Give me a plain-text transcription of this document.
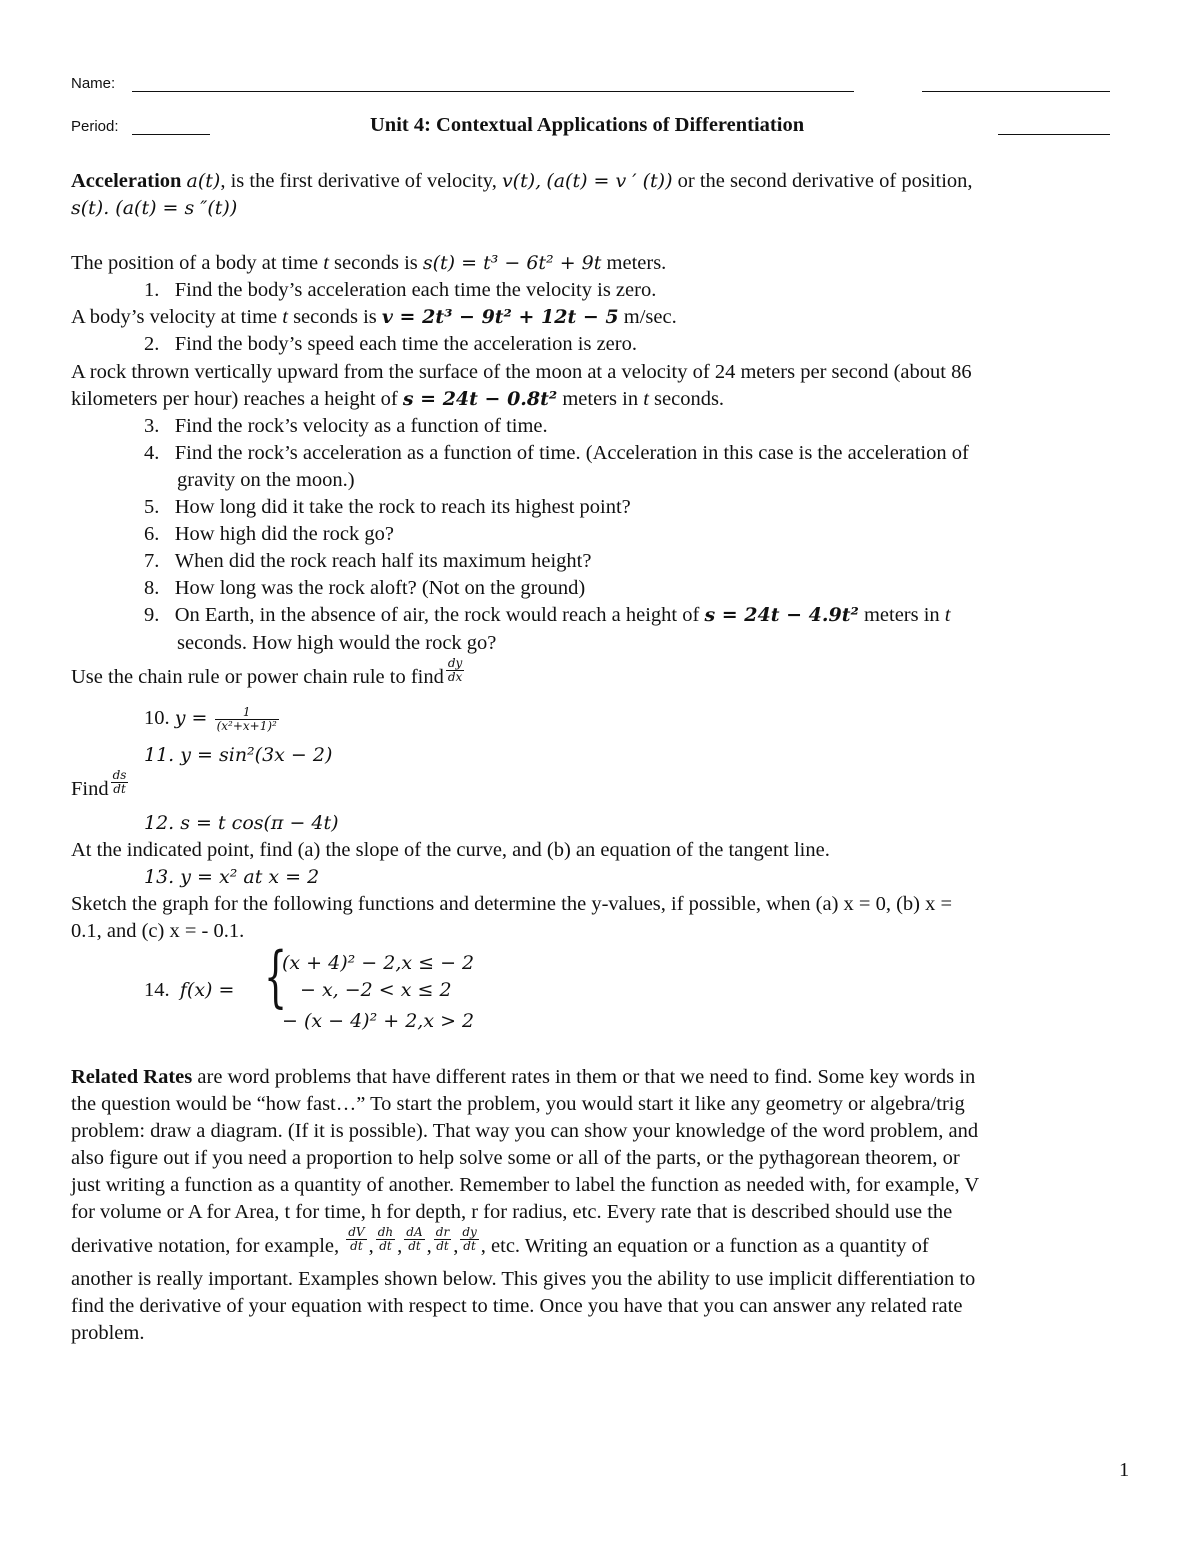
Name:
Period:	Unit 4: Contextual Applications of Differentiation
Acceleration a(t), is the first derivative of velocity, v(t), (a(t) = v ′ (t)) or the second derivative of position,
s(t). (a(t) = s ″(t))
The position of a body at time t seconds is s(t) = t³ − 6t² + 9t meters.
1.   Find the body’s acceleration each time the velocity is zero.
A body’s velocity at time t seconds is v = 2t³ − 9t² + 12t − 5 m/sec.
2.   Find the body’s speed each time the acceleration is zero.
A rock thrown vertically upward from the surface of the moon at a velocity of 24 meters per second (about 86
kilometers per hour) reaches a height of s = 24t − 0.8t² meters in t seconds.
3.   Find the rock’s velocity as a function of time.
4.   Find the rock’s acceleration as a function of time. (Acceleration in this case is the acceleration of
gravity on the moon.)
5.   How long did it take the rock to reach its highest point?
6.   How high did the rock go?
7.   When did the rock reach half its maximum height?
8.   How long was the rock aloft? (Not on the ground)
9.   On Earth, in the absence of air, the rock would reach a height of s = 24t − 4.9t² meters in t
seconds. How high would the rock go?
Use the chain rule or power chain rule to find $\frac{dy}{dx}$
10. $y = \frac{1}{\text{(x²+x+1)²}}$
11. y = sin²(3x − 2)
Find $\frac{ds}{dt}$
12. s = t cos(π − 4t)
At the indicated point, find (a) the slope of the curve, and (b) an equation of the tangent line.
13. y = x² at x = 2
Sketch the graph for the following functions and determine the y-values, if possible, when (a) x = 0, (b) x =
0.1, and (c) x = - 0.1.
14. f(x) = {
(x + 4)² − 2,x ≤ − 2
− x, −2 < x ≤ 2
− (x − 4)² + 2,x > 2
Related Rates are word problems that have different rates in them or that we need to find. Some key words in
the question would be “how fast…” To start the problem, you would start it like any geometry or algebra/trig
problem: draw a diagram. (If it is possible). That way you can show your knowledge of the word problem, and
also figure out if you need a proportion to help solve some or all of the parts, or the pythagorean theorem, or
just writing a function as a quantity of another. Remember to label the function as needed with, for example, V
for volume or A for Area, t for time, h for depth, r for radius, etc. Every rate that is described should use the
derivative notation, for example, $\frac{dV}{dt}$ , $\frac{dh}{dt}$ , $\frac{dA}{dt}$ , $\frac{dr}{dt}$ , $\frac{dy}{dt}$ , etc. Writing an equation or a function as a quantity of
another is really important. Examples shown below. This gives you the ability to use implicit differentiation to
find the derivative of your equation with respect to time. Once you have that you can answer any related rate
problem.
1
